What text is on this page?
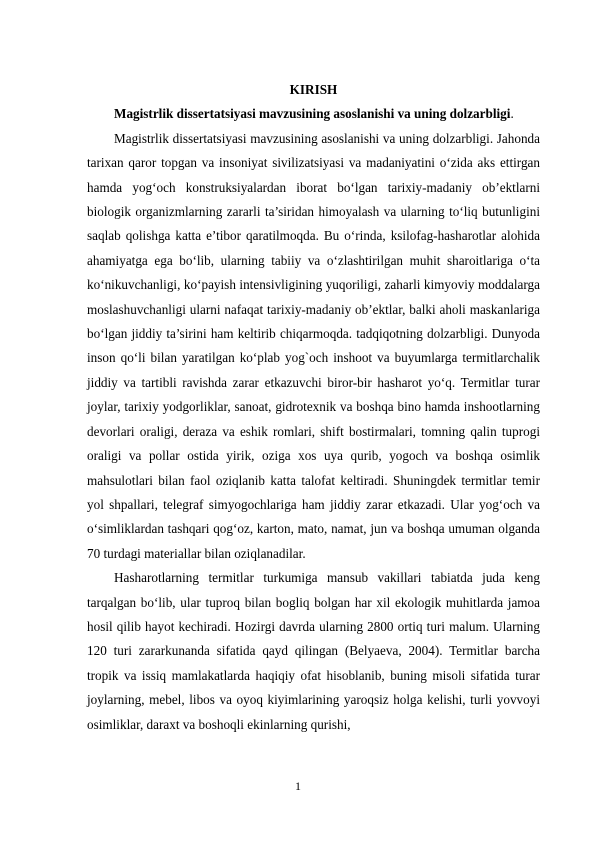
KIRISH

Magistrlik dissertatsiyasi mavzusining asoslanishi va uning dolzarbligi.

Magistrlik dissertatsiyasi mavzusining asoslanishi va uning dolzarbligi. Jahonda tarixan qaror topgan va insoniyat sivilizatsiyasi va madaniyatini o‘zida aks ettirgan hamda yog‘och konstruksiyalardan iborat bo‘lgan tarixiy-madaniy ob’ektlarni biologik organizmlarning zararli ta’siridan himoyalash va ularning to‘liq butunligini saqlab qolishga katta e’tibor qaratilmoqda. Bu o‘rinda, ksilofag-hasharotlar alohida ahamiyatga ega bo‘lib, ularning tabiiy va o‘zlashtirilgan muhit sharoitlariga o‘ta ko‘nikuvchanligi, ko‘payish intensivligining yuqoriligi, zaharli kimyoviy moddalarga moslashuvchanligi ularni nafaqat tarixiy-madaniy ob’ektlar, balki aholi maskanlariga bo‘lgan jiddiy ta’sirini ham keltirib chiqarmoqda. tadqiqotning dolzarbligi. Dunyoda inson qo‘li bilan yaratilgan ko‘plab yog`och inshoot va buyumlarga termitlarchalik jiddiy va tartibli ravishda zarar etkazuvchi biror-bir hasharot yo‘q. Termitlar turar joylar, tarixiy yodgorliklar, sanoat, gidrotexnik va boshqa bino hamda inshootlarning devorlari oraligi, deraza va eshik romlari, shift bostirmalari, tomning qalin tuprogi oraligi va pollar ostida yirik, oziga xos uya qurib, yogoch va boshqa osimlik mahsulotlari bilan faol oziqlanib katta talofat keltiradi. Shuningdek termitlar temir yol shpallari, telegraf simyogochlariga ham jiddiy zarar etkazadi. Ular yog‘och va o‘simliklardan tashqari qog‘oz, karton, mato, namat, jun va boshqa umuman olganda 70 turdagi materiallar bilan oziqlanadilar.

Hasharotlarning termitlar turkumiga mansub vakillari tabiatda juda keng tarqalgan bo‘lib, ular tuproq bilan bogliq bolgan har xil ekologik muhitlarda jamoa hosil qilib hayot kechiradi. Hozirgi davrda ularning 2800 ortiq turi malum. Ularning 120 turi zararkunanda sifatida qayd qilingan (Belyaeva, 2004). Termitlar barcha tropik va issiq mamlakatlarda haqiqiy ofat hisoblanib, buning misoli sifatida turar joylarning, mebel, libos va oyoq kiyimlarining yaroqsiz holga kelishi, turli yovvoyi osimliklar, daraxt va boshoqli ekinlarning qurishi,

1
